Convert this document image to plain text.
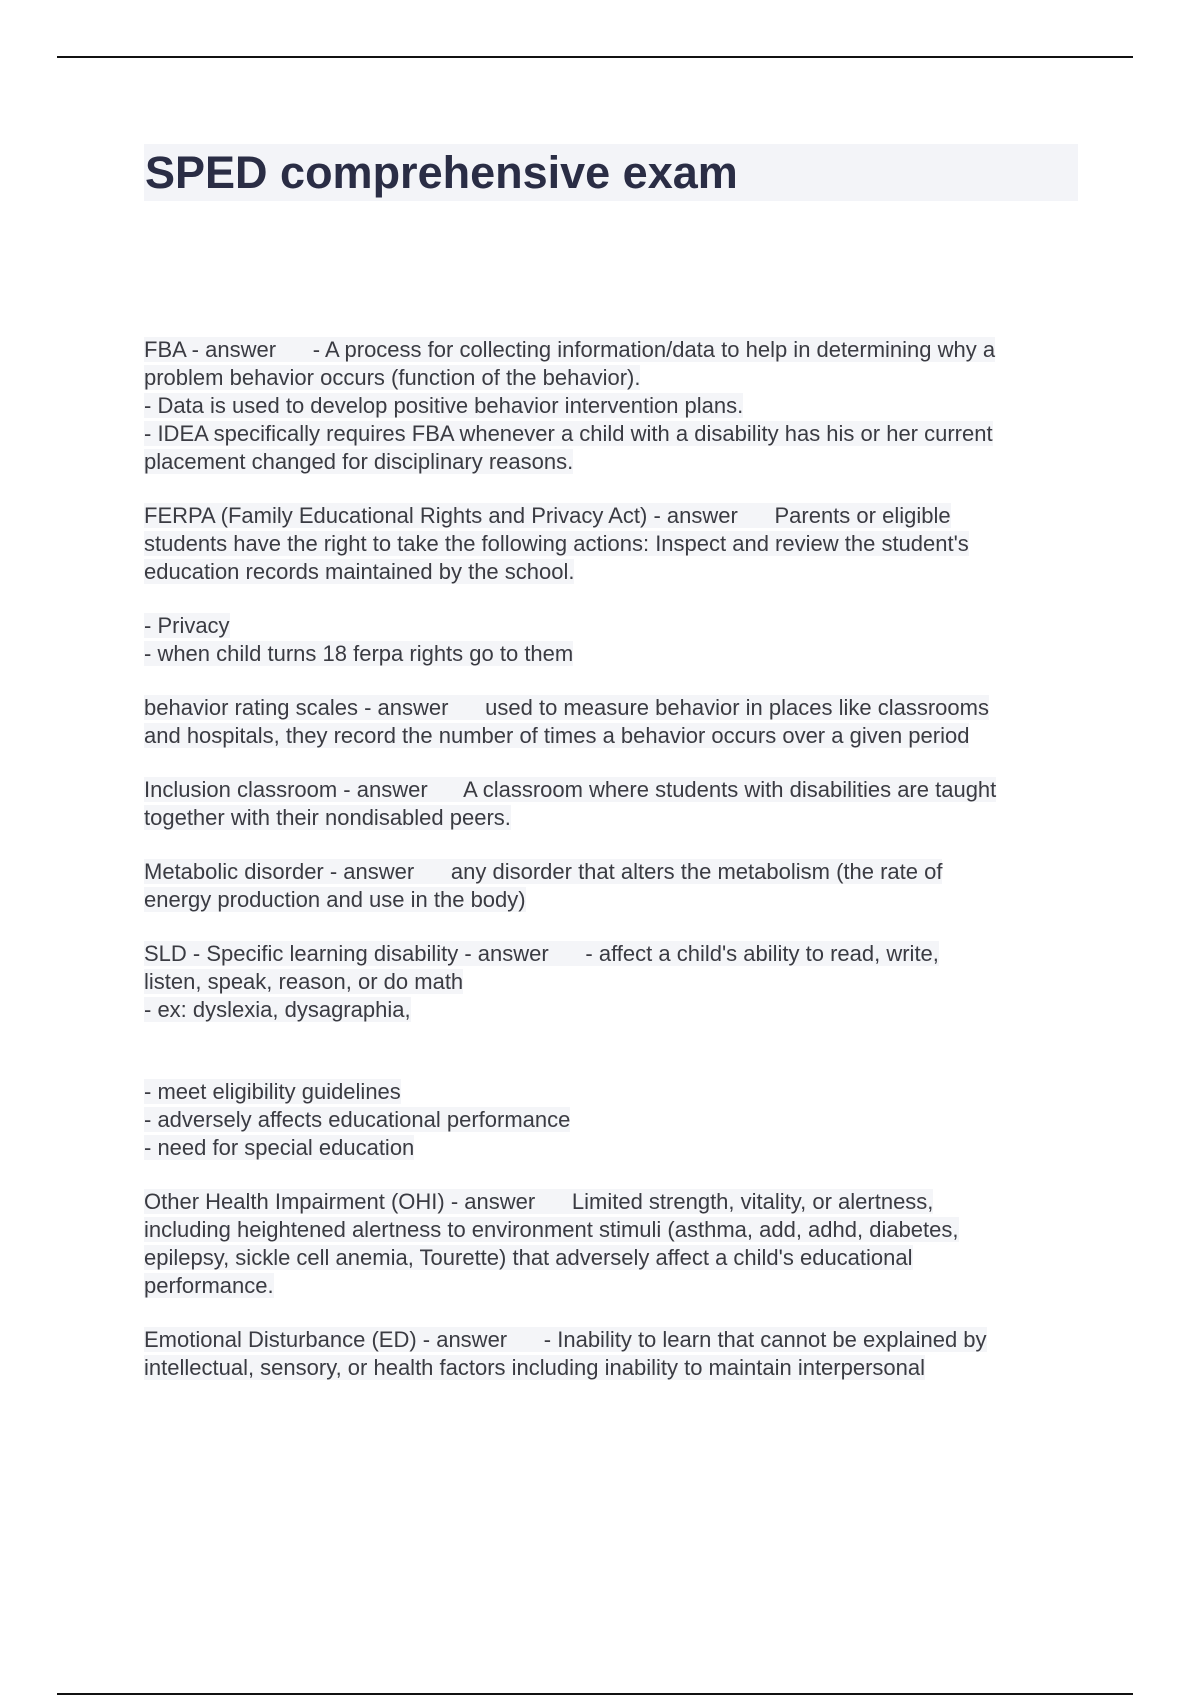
SPED comprehensive exam
FBA - answer      - A process for collecting information/data to help in determining why a
problem behavior occurs (function of the behavior).
- Data is used to develop positive behavior intervention plans.
- IDEA specifically requires FBA whenever a child with a disability has his or her current
placement changed for disciplinary reasons.
FERPA (Family Educational Rights and Privacy Act) - answer      Parents or eligible
students have the right to take the following actions: Inspect and review the student's
education records maintained by the school.
- Privacy
- when child turns 18 ferpa rights go to them
behavior rating scales - answer      used to measure behavior in places like classrooms
and hospitals, they record the number of times a behavior occurs over a given period
Inclusion classroom - answer      A classroom where students with disabilities are taught
together with their nondisabled peers.
Metabolic disorder - answer      any disorder that alters the metabolism (the rate of
energy production and use in the body)
SLD - Specific learning disability - answer      - affect a child's ability to read, write,
listen, speak, reason, or do math
- ex: dyslexia, dysagraphia,
- meet eligibility guidelines
- adversely affects educational performance
- need for special education
Other Health Impairment (OHI) - answer      Limited strength, vitality, or alertness,
including heightened alertness to environment stimuli (asthma, add, adhd, diabetes,
epilepsy, sickle cell anemia, Tourette) that adversely affect a child's educational
performance.
Emotional Disturbance (ED) - answer      - Inability to learn that cannot be explained by
intellectual, sensory, or health factors including inability to maintain interpersonal
